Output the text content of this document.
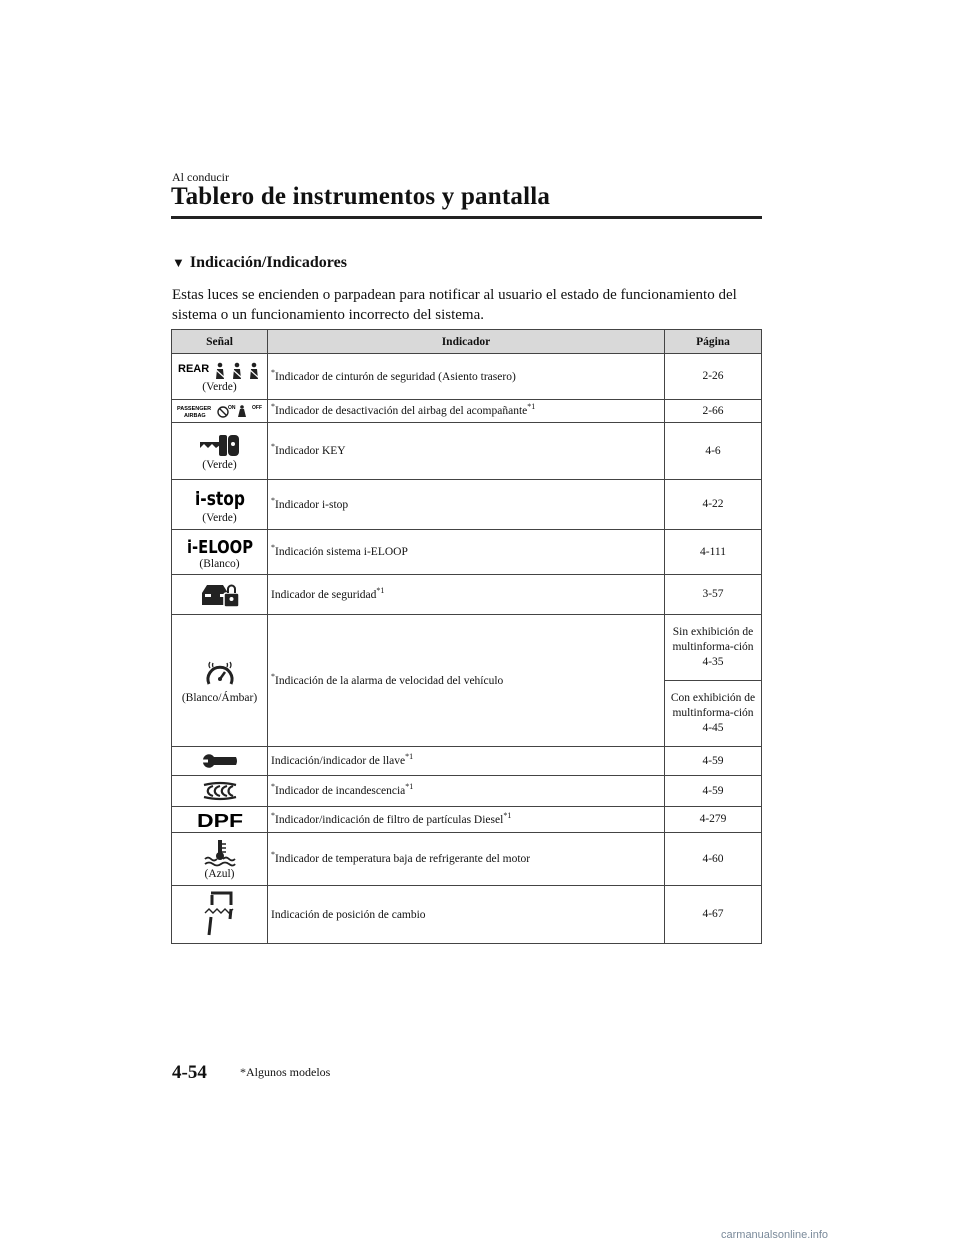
Al conducir
Tablero de instrumentos y pantalla
▼ Indicación/Indicadores
Estas luces se encienden o parpadean para notificar al usuario el estado de funcionamiento del sistema o un funcionamiento incorrecto del sistema.
Señal	Indicador	Página

REAR
(Verde)	*Indicador de cinturón de seguridad (Asiento trasero)	2-26

PASSENGER
AIRBAG
ON OFF	*Indicador de desactivación del airbag del acompañante$^{*1}$	2-66

(Verde)	*Indicador KEY	4-6

i-stop
(Verde)	*Indicador i-stop	4-22

i-ELOOP
(Blanco)	*Indicación sistema i-ELOOP	4-111

	Indicador de seguridad$^{*1}$	3-57

(Blanco/Ámbar)	*Indicación de la alarma de velocidad del vehículo	Sin exhibición de multinforma-ción
4-35

		Con exhibición de multinforma-ción
4-45

	Indicación/indicador de llave$^{*1}$	4-59

	*Indicador de incandescencia$^{*1}$	4-59

DPF	*Indicador/indicación de filtro de partículas Diesel$^{*1}$	4-279

(Azul)	*Indicador de temperatura baja de refrigerante del motor	4-60

	Indicación de posición de cambio	4-67
4-54	*Algunos modelos
carmanualsonline.info
